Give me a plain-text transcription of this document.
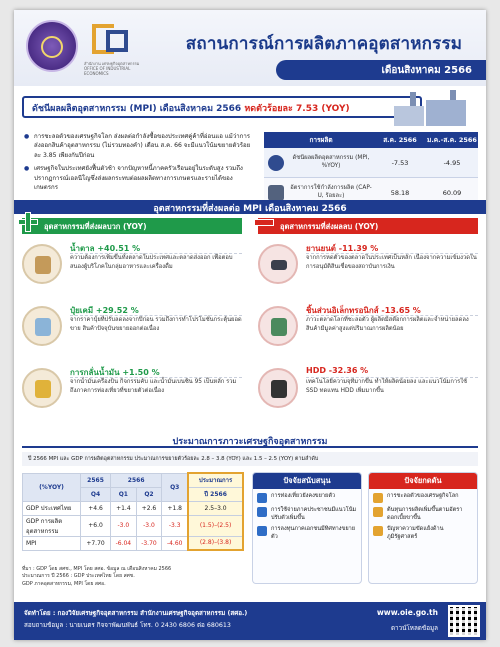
สำนักงาน เศรษฐกิจอุตสาหกรรม OFFICE OF INDUSTRIAL ECONOMICS
สถานการณ์การผลิตภาคอุตสาหกรรม
เดือนสิงหาคม 2566
ดัชนีผลผลิตอุตสาหกรรม (MPI) เดือนสิงหาคม 2566 หดตัวร้อยละ 7.53 (YOY)
● การชะลอตัวของเศรษฐกิจโลก ส่งผลต่อกำลังซื้อของประเทศคู่ค้าที่อ่อนแอ แม้ว่าการส่งออกสินค้าอุตสาหกรรม (ไม่รวมทองคำ) เดือน ส.ค. 66 จะมีแนวโน้มขยายตัวร้อยละ 3.85 เพียงกันปีก่อน
● เศรษฐกิจในประเทศยังฟื้นตัวช้า จากปัญหาหนี้ภาคครัวเรือนอยู่ในระดับสูง รวมถึงปรากฏการณ์เอลนีโญซึ่งส่งผลกระทบต่อผลผลิตทางการเกษตรและรายได้ของเกษตรกร
การผลิต	ส.ค. 2566	ม.ค.-ส.ค. 2566
ดัชนีผลผลิตอุตสาหกรรม (MPI, %YOY)	-7.53	-4.95
อัตราการใช้กำลังการผลิต (CAP-U, ร้อยละ)	58.18	60.09
อุตสาหกรรมที่ส่งผลต่อ MPI เดือนสิงหาคม 2566
อุตสาหกรรมที่ส่งผลบวก (YOY)	อุตสาหกรรมที่ส่งผลลบ (YOY)
น้ำตาล +40.51 %
ความต้องการเพิ่มขึ้นทั้งตลาดในประเทศและตลาดส่งออก เพื่อตอบสนองผู้บริโภคในกลุ่มอาหารและเครื่องดื่ม
ปุ๋ยเคมี +29.52 %
จากราคาปุ๋ยที่ปรับลดลงจากปีก่อน รวมถึงการทำโปรโมชั่นกระตุ้นยอดขาย สินค้าปัจจุบันขยายออกต่อเนื่อง
การกลั่นน้ำมัน +1.50 %
จากน้ำมันเครื่องบิน กิจกรรมคับ และน้ำมันเบนซิน 95 เป็นหลัก รวมถึงภาคการท่องเที่ยวที่ขยายตัวต่อเนื่อง
ยานยนต์ -11.39 %
จากการหดตัวของตลาดในประเทศเป็นหลัก เนื่องจากความเข้มงวดในการอนุมัติสินเชื่อของสถาบันการเงิน
ชิ้นส่วนอิเล็กทรอนิกส์ -13.65 %
ภาวะตลาดโลกที่ชะลอตัว ผู้ผลิตมีสต๊อกการผลิตและจำหน่ายลดลง สินค้ามีมูลค่าสูงแต่ปริมาณการผลิตน้อย
HDD -32.36 %
เทคโนโลยีความจุที่มากขึ้น ทำให้ผลิตน้อยลง และแนวโน้มการใช้ SSD ทดแทน HDD เพิ่มมากขึ้น
ประมาณการภาวะเศรษฐกิจอุตสาหกรรม
ปี 2566 MPI และ GDP การผลิตอุตสาหกรรม ประมาณการขยายตัวร้อยละ 2.8 – 3.8 (YOY) และ 1.5 – 2.5 (YOY) ตามลำดับ
(%YOY)	2565	2566		Q3	ประมาณการ
	Q4	Q1	Q2		ปี 2566
GDP ประเทศไทย	+4.6	+1.4	+2.6	+1.8	2.5–3.0
GDP การผลิตอุตสาหกรรม	+6.0	-3.0	-3.0	-3.3	(1.5)–(2.5)
MPI	+7.70	-6.04	-3.70	-4.60	(2.8)–(3.8)
ที่มา : GDP โดย สศช., MPI โดย สศอ. ข้อมูล ณ เดือนสิงหาคม 2566
ประมาณการ ปี 2566 : GDP ประเทศไทย โดย สศช.
GDP ภาคอุตสาหกรรม, MPI โดย สศอ.
ปัจจัยสนับสนุน
การท่องเที่ยวยังคงขยายตัว
การใช้จ่ายภาคประชาชนมีแนวโน้มปรับตัวเพิ่มขึ้น
การลงทุนภาคเอกชนมีทิศทางขยายตัว
ปัจจัยกดดัน
การชะลอตัวของเศรษฐกิจโลก
ต้นทุนการผลิตเพิ่มขึ้นตามอัตราดอกเบี้ยขาขึ้น
ปัญหาความขัดแย้งด้านภูมิรัฐศาสตร์
จัดทำโดย : กองวิจัยเศรษฐกิจอุตสาหกรรม สำนักงานเศรษฐกิจอุตสาหกรรม (สศอ.)
สอบถามข้อมูล : นายเนตร กิจจาพัฒนพันธ์ โทร. 0 2430 6806 ต่อ 680613
www.oie.go.th
ดาวน์โหลดข้อมูล
